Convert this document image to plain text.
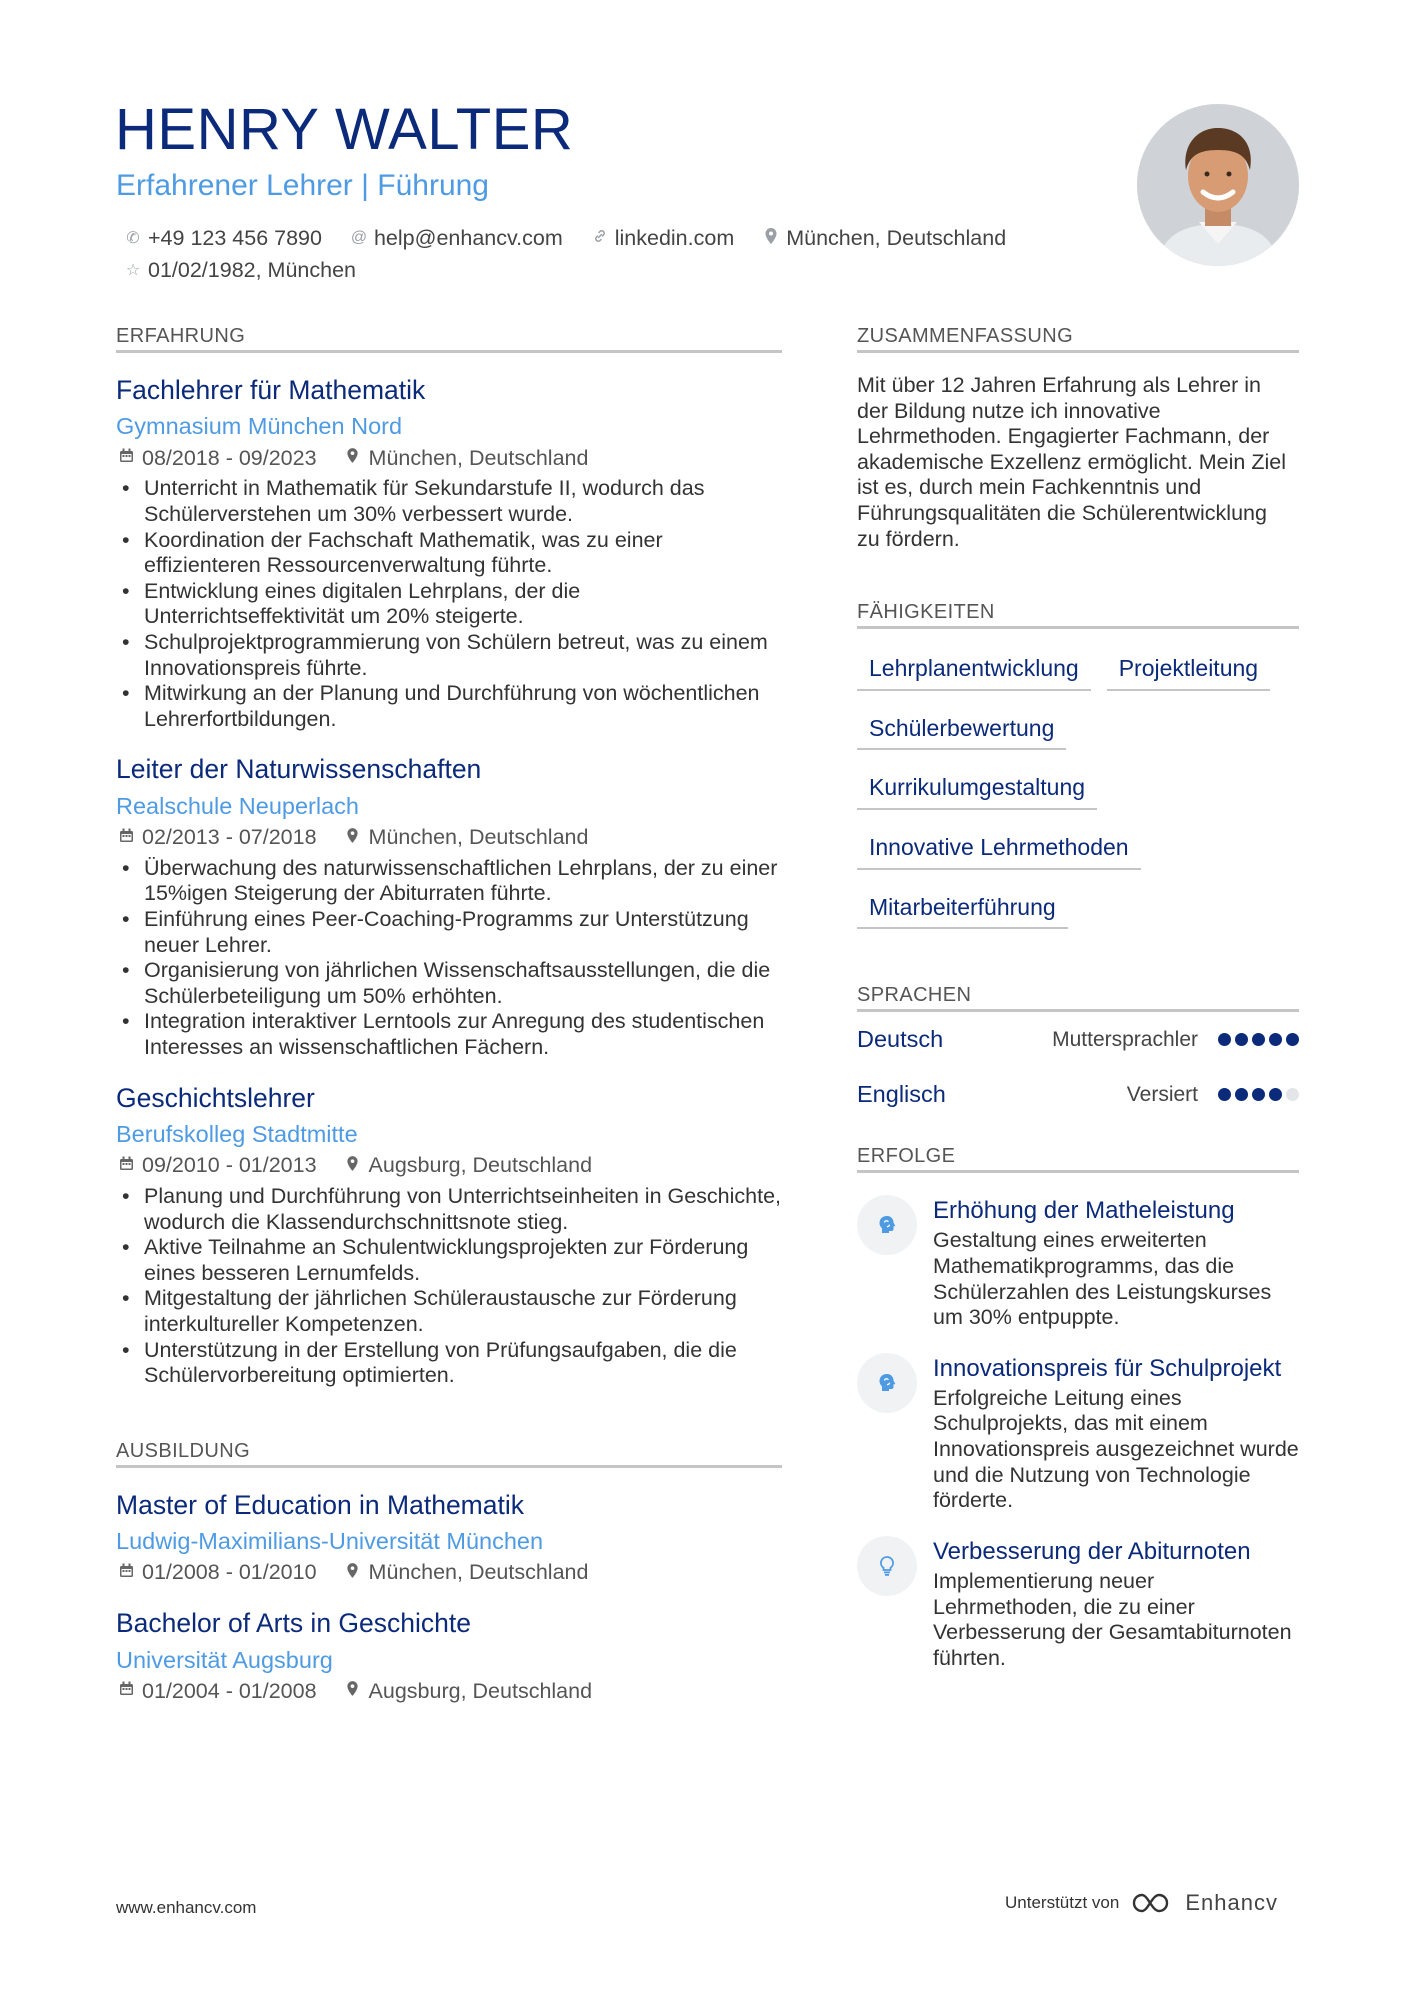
HENRY WALTER
Erfahrener Lehrer | Führung
✆ +49 123 456 7890 @ help@enhancv.com linkedin.com München, Deutschland
☆ 01/02/1982, München
ERFAHRUNG
Fachlehrer für Mathematik
Gymnasium München Nord
08/2018 - 09/2023 München, Deutschland
• Unterricht in Mathematik für Sekundarstufe II, wodurch das Schülerverstehen um 30% verbessert wurde.
• Koordination der Fachschaft Mathematik, was zu einer effizienteren Ressourcenverwaltung führte.
• Entwicklung eines digitalen Lehrplans, der die Unterrichtseffektivität um 20% steigerte.
• Schulprojektprogrammierung von Schülern betreut, was zu einem Innovationspreis führte.
• Mitwirkung an der Planung und Durchführung von wöchentlichen Lehrerfortbildungen.
Leiter der Naturwissenschaften
Realschule Neuperlach
02/2013 - 07/2018 München, Deutschland
• Überwachung des naturwissenschaftlichen Lehrplans, der zu einer 15%igen Steigerung der Abiturraten führte.
• Einführung eines Peer-Coaching-Programms zur Unterstützung neuer Lehrer.
• Organisierung von jährlichen Wissenschaftsausstellungen, die die Schülerbeteiligung um 50% erhöhten.
• Integration interaktiver Lerntools zur Anregung des studentischen Interesses an wissenschaftlichen Fächern.
Geschichtslehrer
Berufskolleg Stadtmitte
09/2010 - 01/2013 Augsburg, Deutschland
• Planung und Durchführung von Unterrichtseinheiten in Geschichte, wodurch die Klassendurchschnittsnote stieg.
• Aktive Teilnahme an Schulentwicklungsprojekten zur Förderung eines besseren Lernumfelds.
• Mitgestaltung der jährlichen Schüleraustausche zur Förderung interkultureller Kompetenzen.
• Unterstützung in der Erstellung von Prüfungsaufgaben, die die Schülervorbereitung optimierten.
AUSBILDUNG
Master of Education in Mathematik
Ludwig-Maximilians-Universität München
01/2008 - 01/2010 München, Deutschland
Bachelor of Arts in Geschichte
Universität Augsburg
01/2004 - 01/2008 Augsburg, Deutschland
ZUSAMMENFASSUNG
Mit über 12 Jahren Erfahrung als Lehrer in der Bildung nutze ich innovative Lehrmethoden. Engagierter Fachmann, der akademische Exzellenz ermöglicht. Mein Ziel ist es, durch mein Fachkenntnis und Führungsqualitäten die Schülerentwicklung zu fördern.
FÄHIGKEITEN
Lehrplanentwicklung	Projektleitung
Schülerbewertung
Kurrikulumgestaltung
Innovative Lehrmethoden
Mitarbeiterführung
SPRACHEN
Deutsch	Muttersprachler
Englisch	Versiert
ERFOLGE
Erhöhung der Matheleistung
Gestaltung eines erweiterten Mathematikprogramms, das die Schülerzahlen des Leistungskurses um 30% entpuppte.
Innovationspreis für Schulprojekt
Erfolgreiche Leitung eines Schulprojekts, das mit einem Innovationspreis ausgezeichnet wurde und die Nutzung von Technologie förderte.
Verbesserung der Abiturnoten
Implementierung neuer Lehrmethoden, die zu einer Verbesserung der Gesamtabiturnoten führten.
www.enhancv.com	Unterstützt von	Enhancv
